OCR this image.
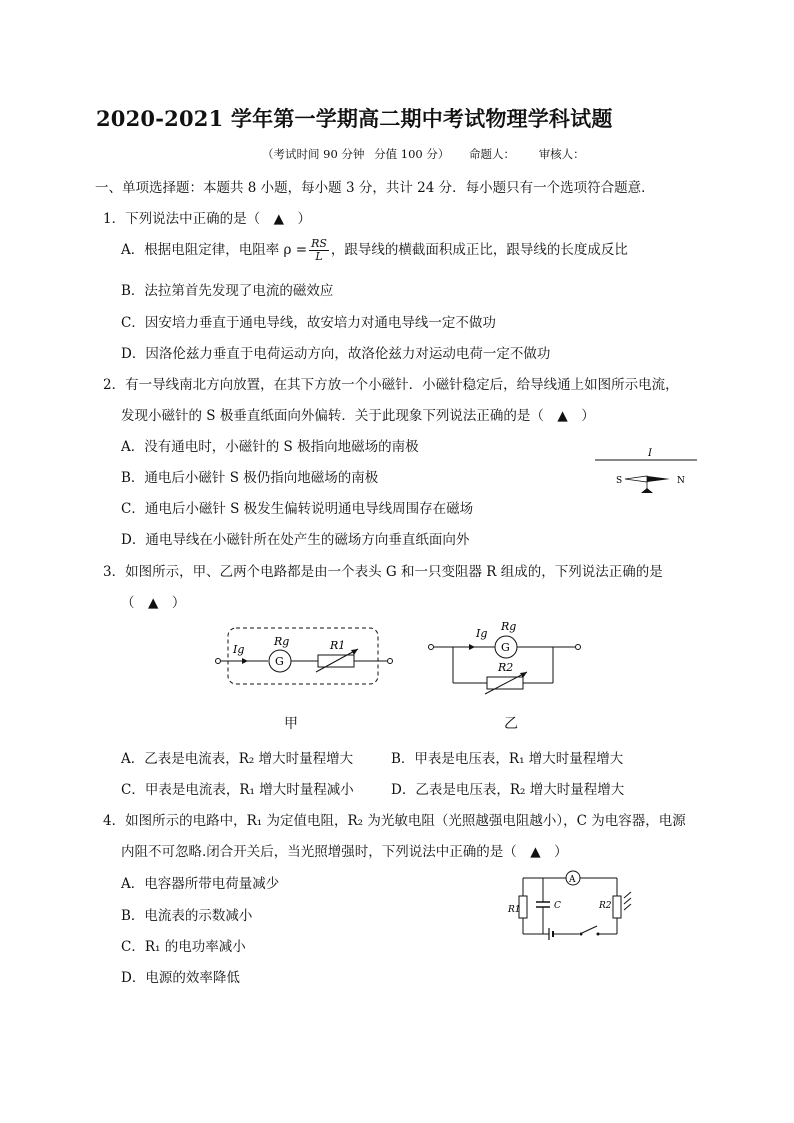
2020-2021 学年第一学期高二期中考试物理学科试题
（考试时间 90 分钟 分值 100 分） 命题人： 审核人：
一、单项选择题：本题共 8 小题，每小题 3 分，共计 24 分．每小题只有一个选项符合题意．
1．下列说法中正确的是（　▲　）
A．根据电阻定律，电阻率 $\rho = \frac{RS}{L}$ ，跟导线的横截面积成正比，跟导线的长度成反比
B．法拉第首先发现了电流的磁效应
C．因安培力垂直于通电导线，故安培力对通电导线一定不做功
D．因洛伦兹力垂直于电荷运动方向，故洛伦兹力对运动电荷一定不做功
2．有一导线南北方向放置，在其下方放一个小磁针．小磁针稳定后，给导线通上如图所示电流，
发现小磁针的 S 极垂直纸面向外偏转．关于此现象下列说法正确的是（　▲　）
A．没有通电时，小磁针的 S 极指向地磁场的南极
B．通电后小磁针 S 极仍指向地磁场的南极
C．通电后小磁针 S 极发生偏转说明通电导线周围存在磁场
D．通电导线在小磁针所在处产生的磁场方向垂直纸面向外
I
S	N
3．如图所示，甲、乙两个电路都是由一个表头 G 和一只变阻器 R 组成的，下列说法正确的是
（　▲　）
Ig
G
Rg	R1
甲
Ig
G
Rg
R2
乙
A．乙表是电流表，R₂ 增大时量程增大	B．甲表是电压表，R₁ 增大时量程增大
C．甲表是电流表，R₁ 增大时量程减小	D．乙表是电压表，R₂ 增大时量程增大
4．如图所示的电路中，R₁ 为定值电阻，R₂ 为光敏电阻（光照越强电阻越小），C 为电容器，电源
内阻不可忽略.闭合开关后，当光照增强时，下列说法中正确的是（　▲　）
A．电容器所带电荷量减少
B．电流表的示数减小
C．R₁ 的电功率减小
D．电源的效率降低
A
R1	R2
C
